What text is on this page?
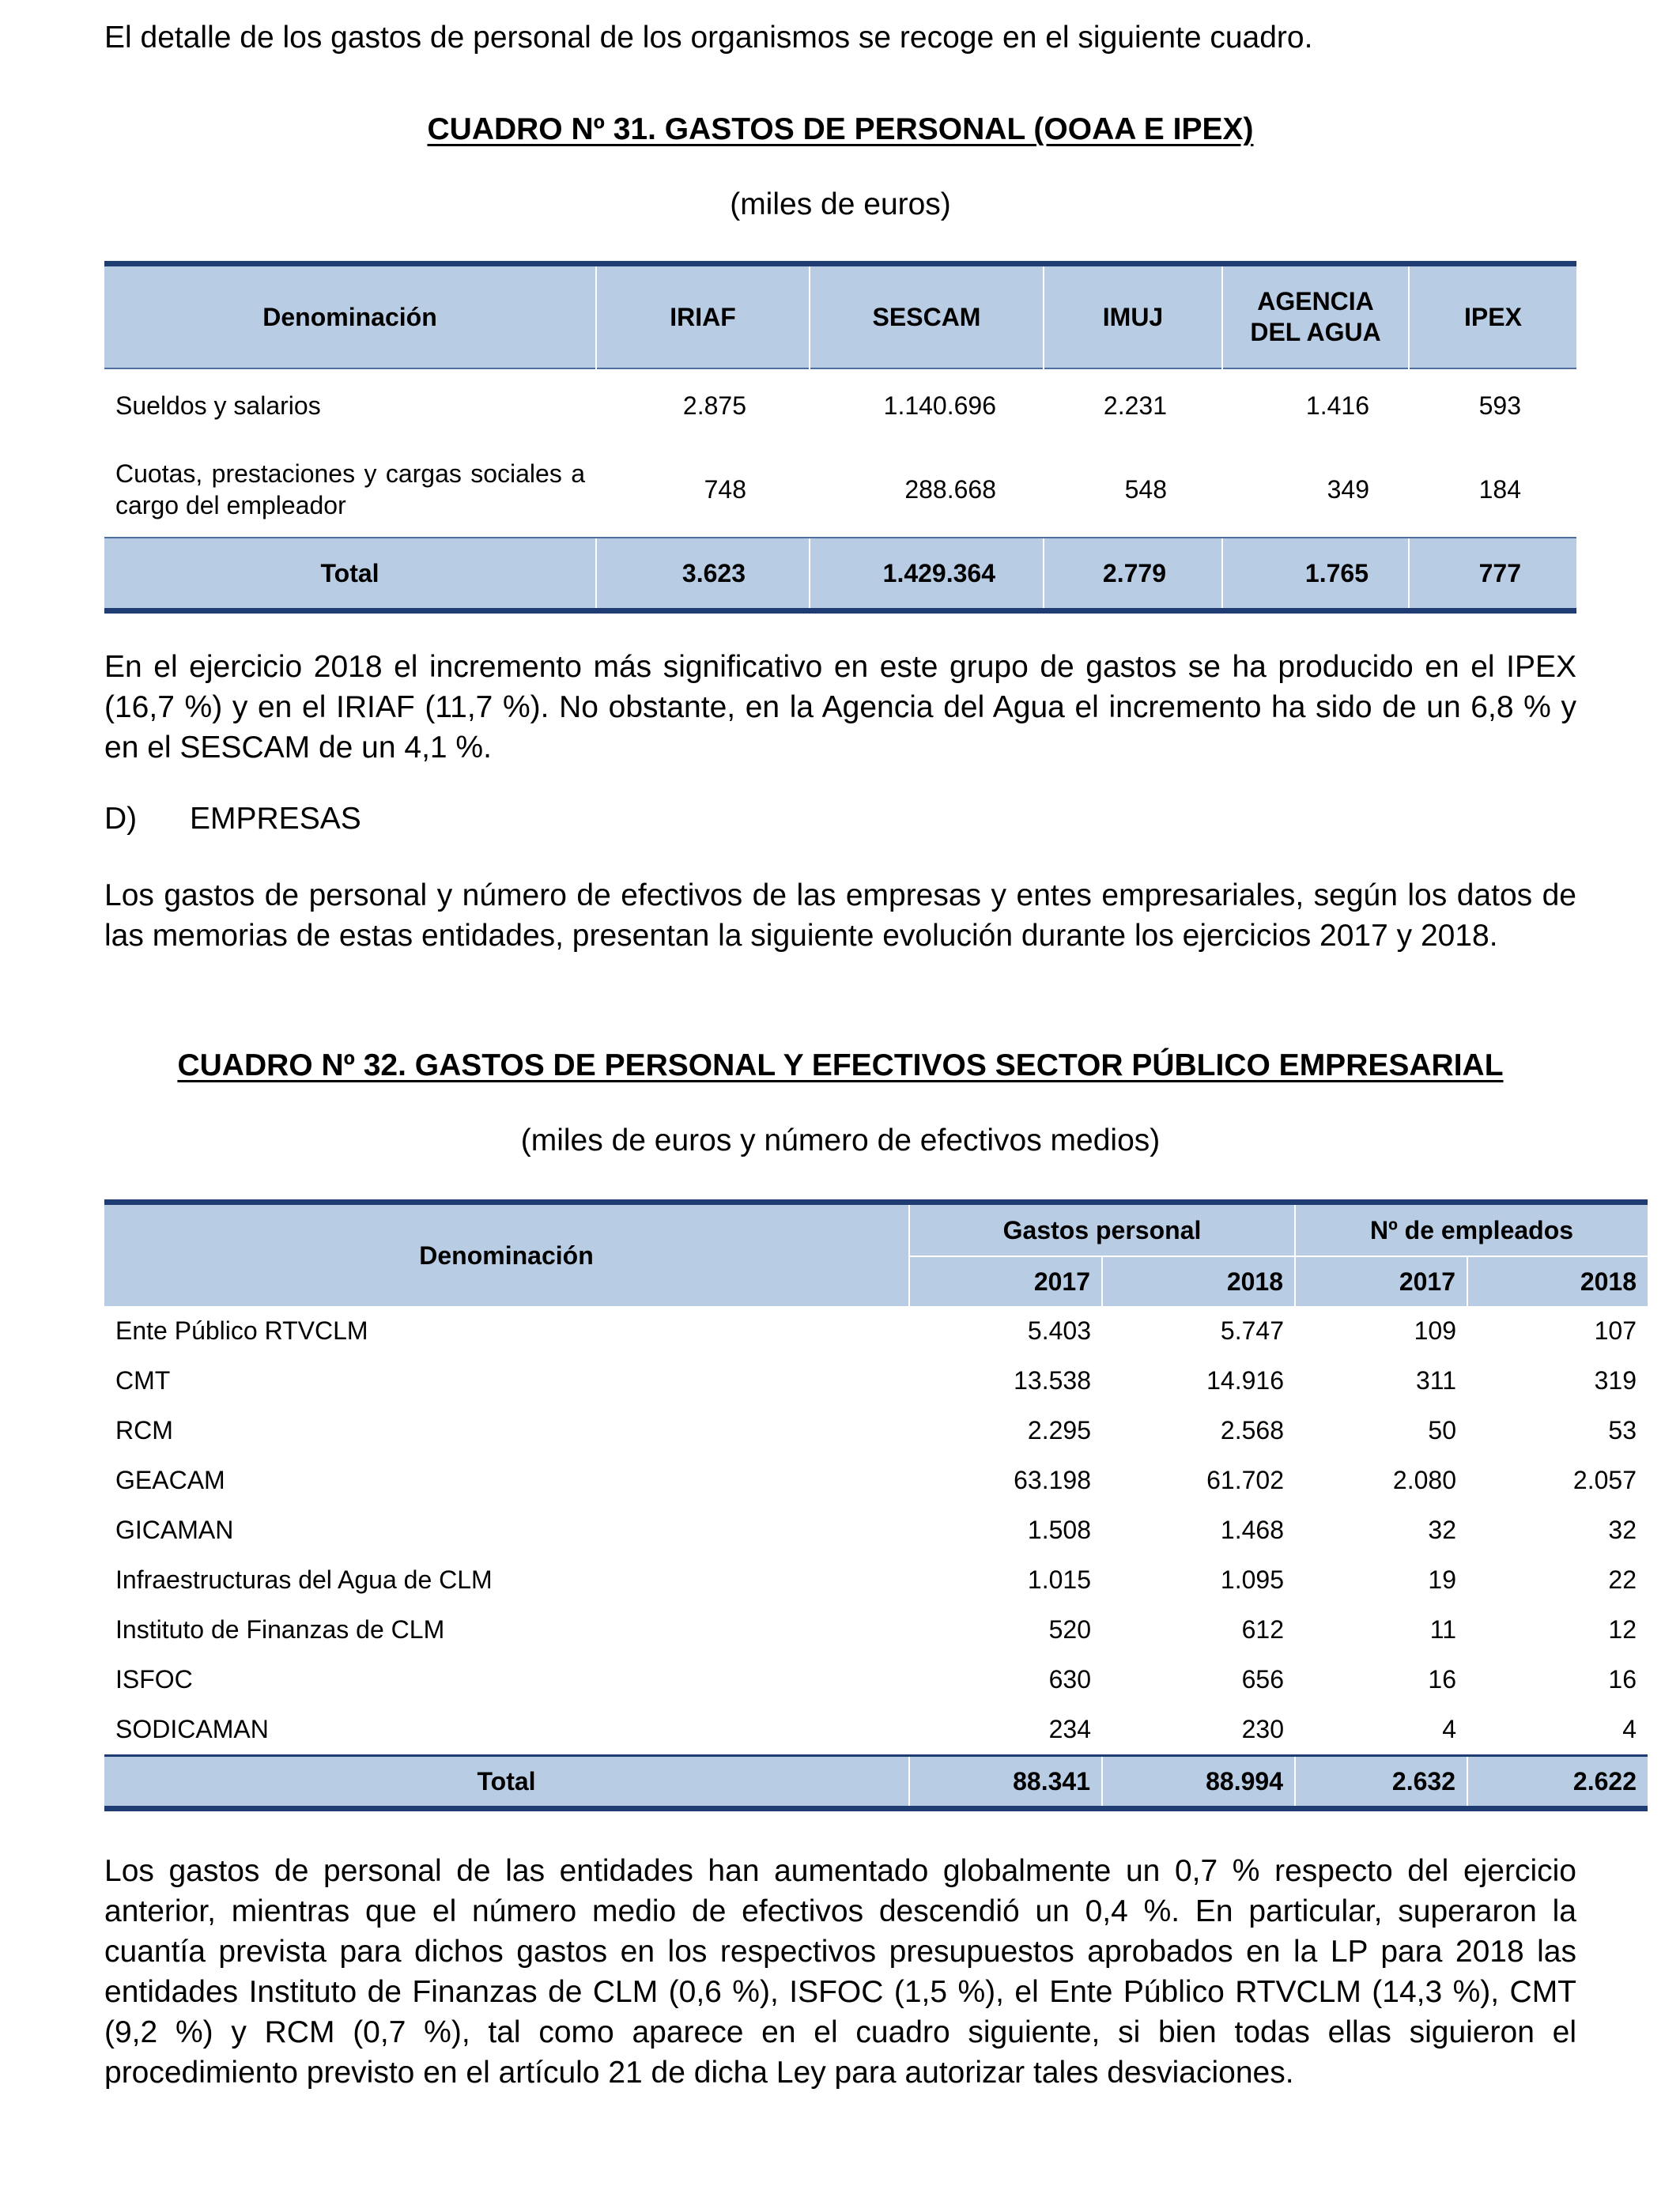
El detalle de los gastos de personal de los organismos se recoge en el siguiente cuadro.

CUADRO Nº 31. GASTOS DE PERSONAL (OOAA E IPEX)
(miles de euros)
Denominación	IRIAF	SESCAM	IMUJ	AGENCIA DEL AGUA	IPEX
Sueldos y salarios	2.875	1.140.696	2.231	1.416	593
Cuotas, prestaciones y cargas sociales a cargo del empleador	748	288.668	548	349	184
Total	3.623	1.429.364	2.779	1.765	777

En el ejercicio 2018 el incremento más significativo en este grupo de gastos se ha producido en el IPEX (16,7 %) y en el IRIAF (11,7 %). No obstante, en la Agencia del Agua el incremento ha sido de un 6,8 % y en el SESCAM de un 4,1 %.

D) EMPRESAS

Los gastos de personal y número de efectivos de las empresas y entes empresariales, según los datos de las memorias de estas entidades, presentan la siguiente evolución durante los ejercicios 2017 y 2018.

CUADRO Nº 32. GASTOS DE PERSONAL Y EFECTIVOS SECTOR PÚBLICO EMPRESARIAL
(miles de euros y número de efectivos medios)
Denominación	Gastos personal		Nº de empleados	
	2017	2018	2017	2018
Ente Público RTVCLM	5.403	5.747	109	107
CMT	13.538	14.916	311	319
RCM	2.295	2.568	50	53
GEACAM	63.198	61.702	2.080	2.057
GICAMAN	1.508	1.468	32	32
Infraestructuras del Agua de CLM	1.015	1.095	19	22
Instituto de Finanzas de CLM	520	612	11	12
ISFOC	630	656	16	16
SODICAMAN	234	230	4	4
Total	88.341	88.994	2.632	2.622

Los gastos de personal de las entidades han aumentado globalmente un 0,7 % respecto del ejercicio anterior, mientras que el número medio de efectivos descendió un 0,4 %. En particular, superaron la cuantía prevista para dichos gastos en los respectivos presupuestos aprobados en la LP para 2018 las entidades Instituto de Finanzas de CLM (0,6 %), ISFOC (1,5 %), el Ente Público RTVCLM (14,3 %), CMT (9,2 %) y RCM (0,7 %), tal como aparece en el cuadro siguiente, si bien todas ellas siguieron el procedimiento previsto en el artículo 21 de dicha Ley para autorizar tales desviaciones.
